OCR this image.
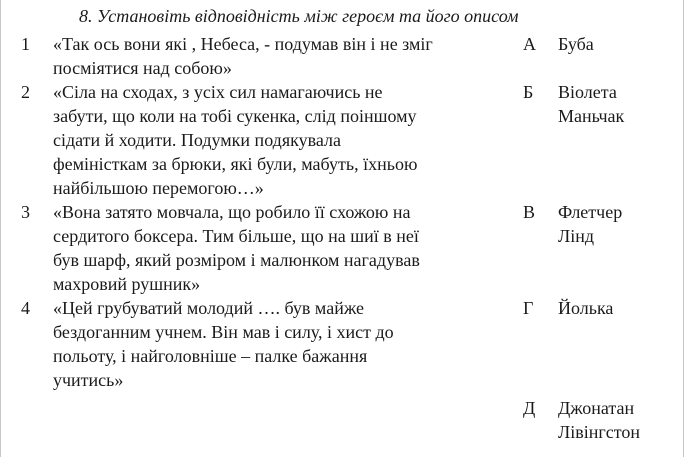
8. Установіть відповідність між героєм та його описом
1 «Так ось вони які , Небеса, - подумав він і не зміг
посміятися над собою»
2 «Сіла на сходах, з усіх сил намагаючись не
забути, що коли на тобі сукенка, слід поіншому
сідати й ходити. Подумки подякувала
феміністкам за брюки, які були, мабуть, їхньою
найбільшою перемогою…»
3 «Вона затято мовчала, що робило її схожою на
сердитого боксера. Тим більше, що на шиї в неї
був шарф, який розміром і малюнком нагадував
махровий рушник»
4 «Цей грубуватий молодий …. був майже
бездоганним учнем. Він мав і силу, і хист до
польоту, і найголовніше – палке бажання
учитись»
А Буба
Б Віолета
Маньчак
В Флетчер
Лінд
Г Йолька
Д Джонатан
Лівінгстон
